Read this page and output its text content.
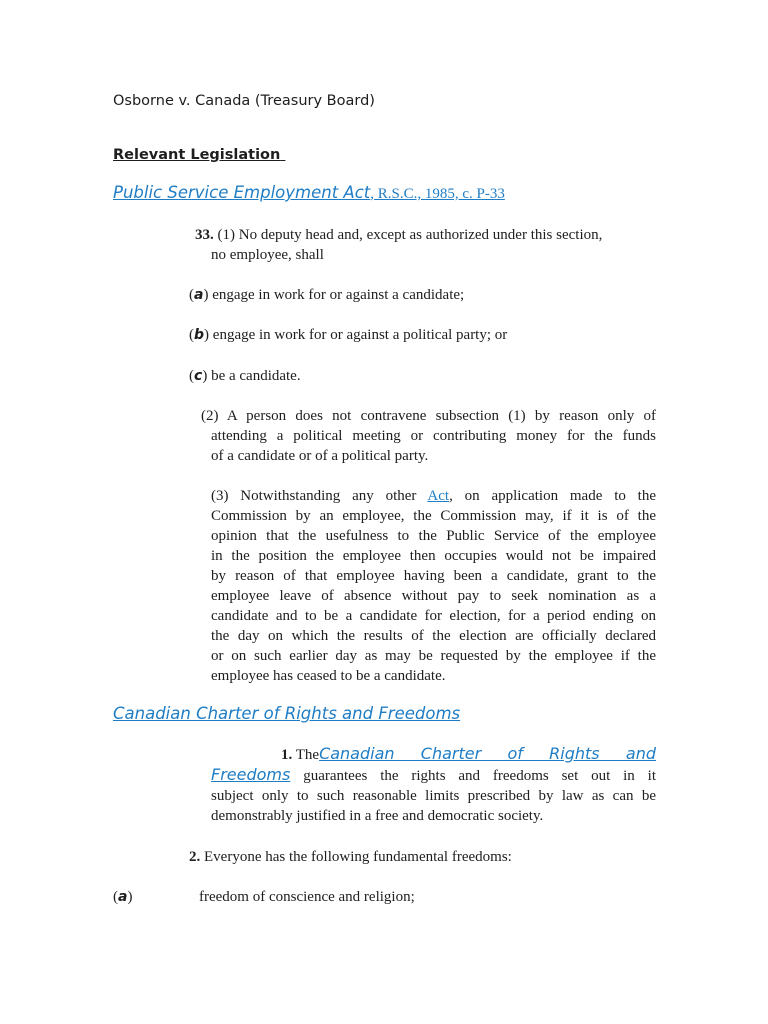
Osborne v. Canada (Treasury Board)
Relevant Legislation
Public Service Employment Act, R.S.C., 1985, c. P-33
33. (1) No deputy head and, except as authorized under this section,
no employee, shall
(a) engage in work for or against a candidate;
(b) engage in work for or against a political party; or
(c) be a candidate.
(2) A person does not contravene subsection (1) by reason only of
attending a political meeting or contributing money for the funds
of a candidate or of a political party.
(3) Notwithstanding any other Act, on application made to the
Commission by an employee, the Commission may, if it is of the
opinion that the usefulness to the Public Service of the employee
in the position the employee then occupies would not be impaired
by reason of that employee having been a candidate, grant to the
employee leave of absence without pay to seek nomination as a
candidate and to be a candidate for election, for a period ending on
the day on which the results of the election are officially declared
or on such earlier day as may be requested by the employee if the
employee has ceased to be a candidate.
Canadian Charter of Rights and Freedoms
1. The Canadian Charter of Rights and
Freedoms guarantees the rights and freedoms set out in it
subject only to such reasonable limits prescribed by law as can be
demonstrably justified in a free and democratic society.
2. Everyone has the following fundamental freedoms:
(a)	freedom of conscience and religion;
